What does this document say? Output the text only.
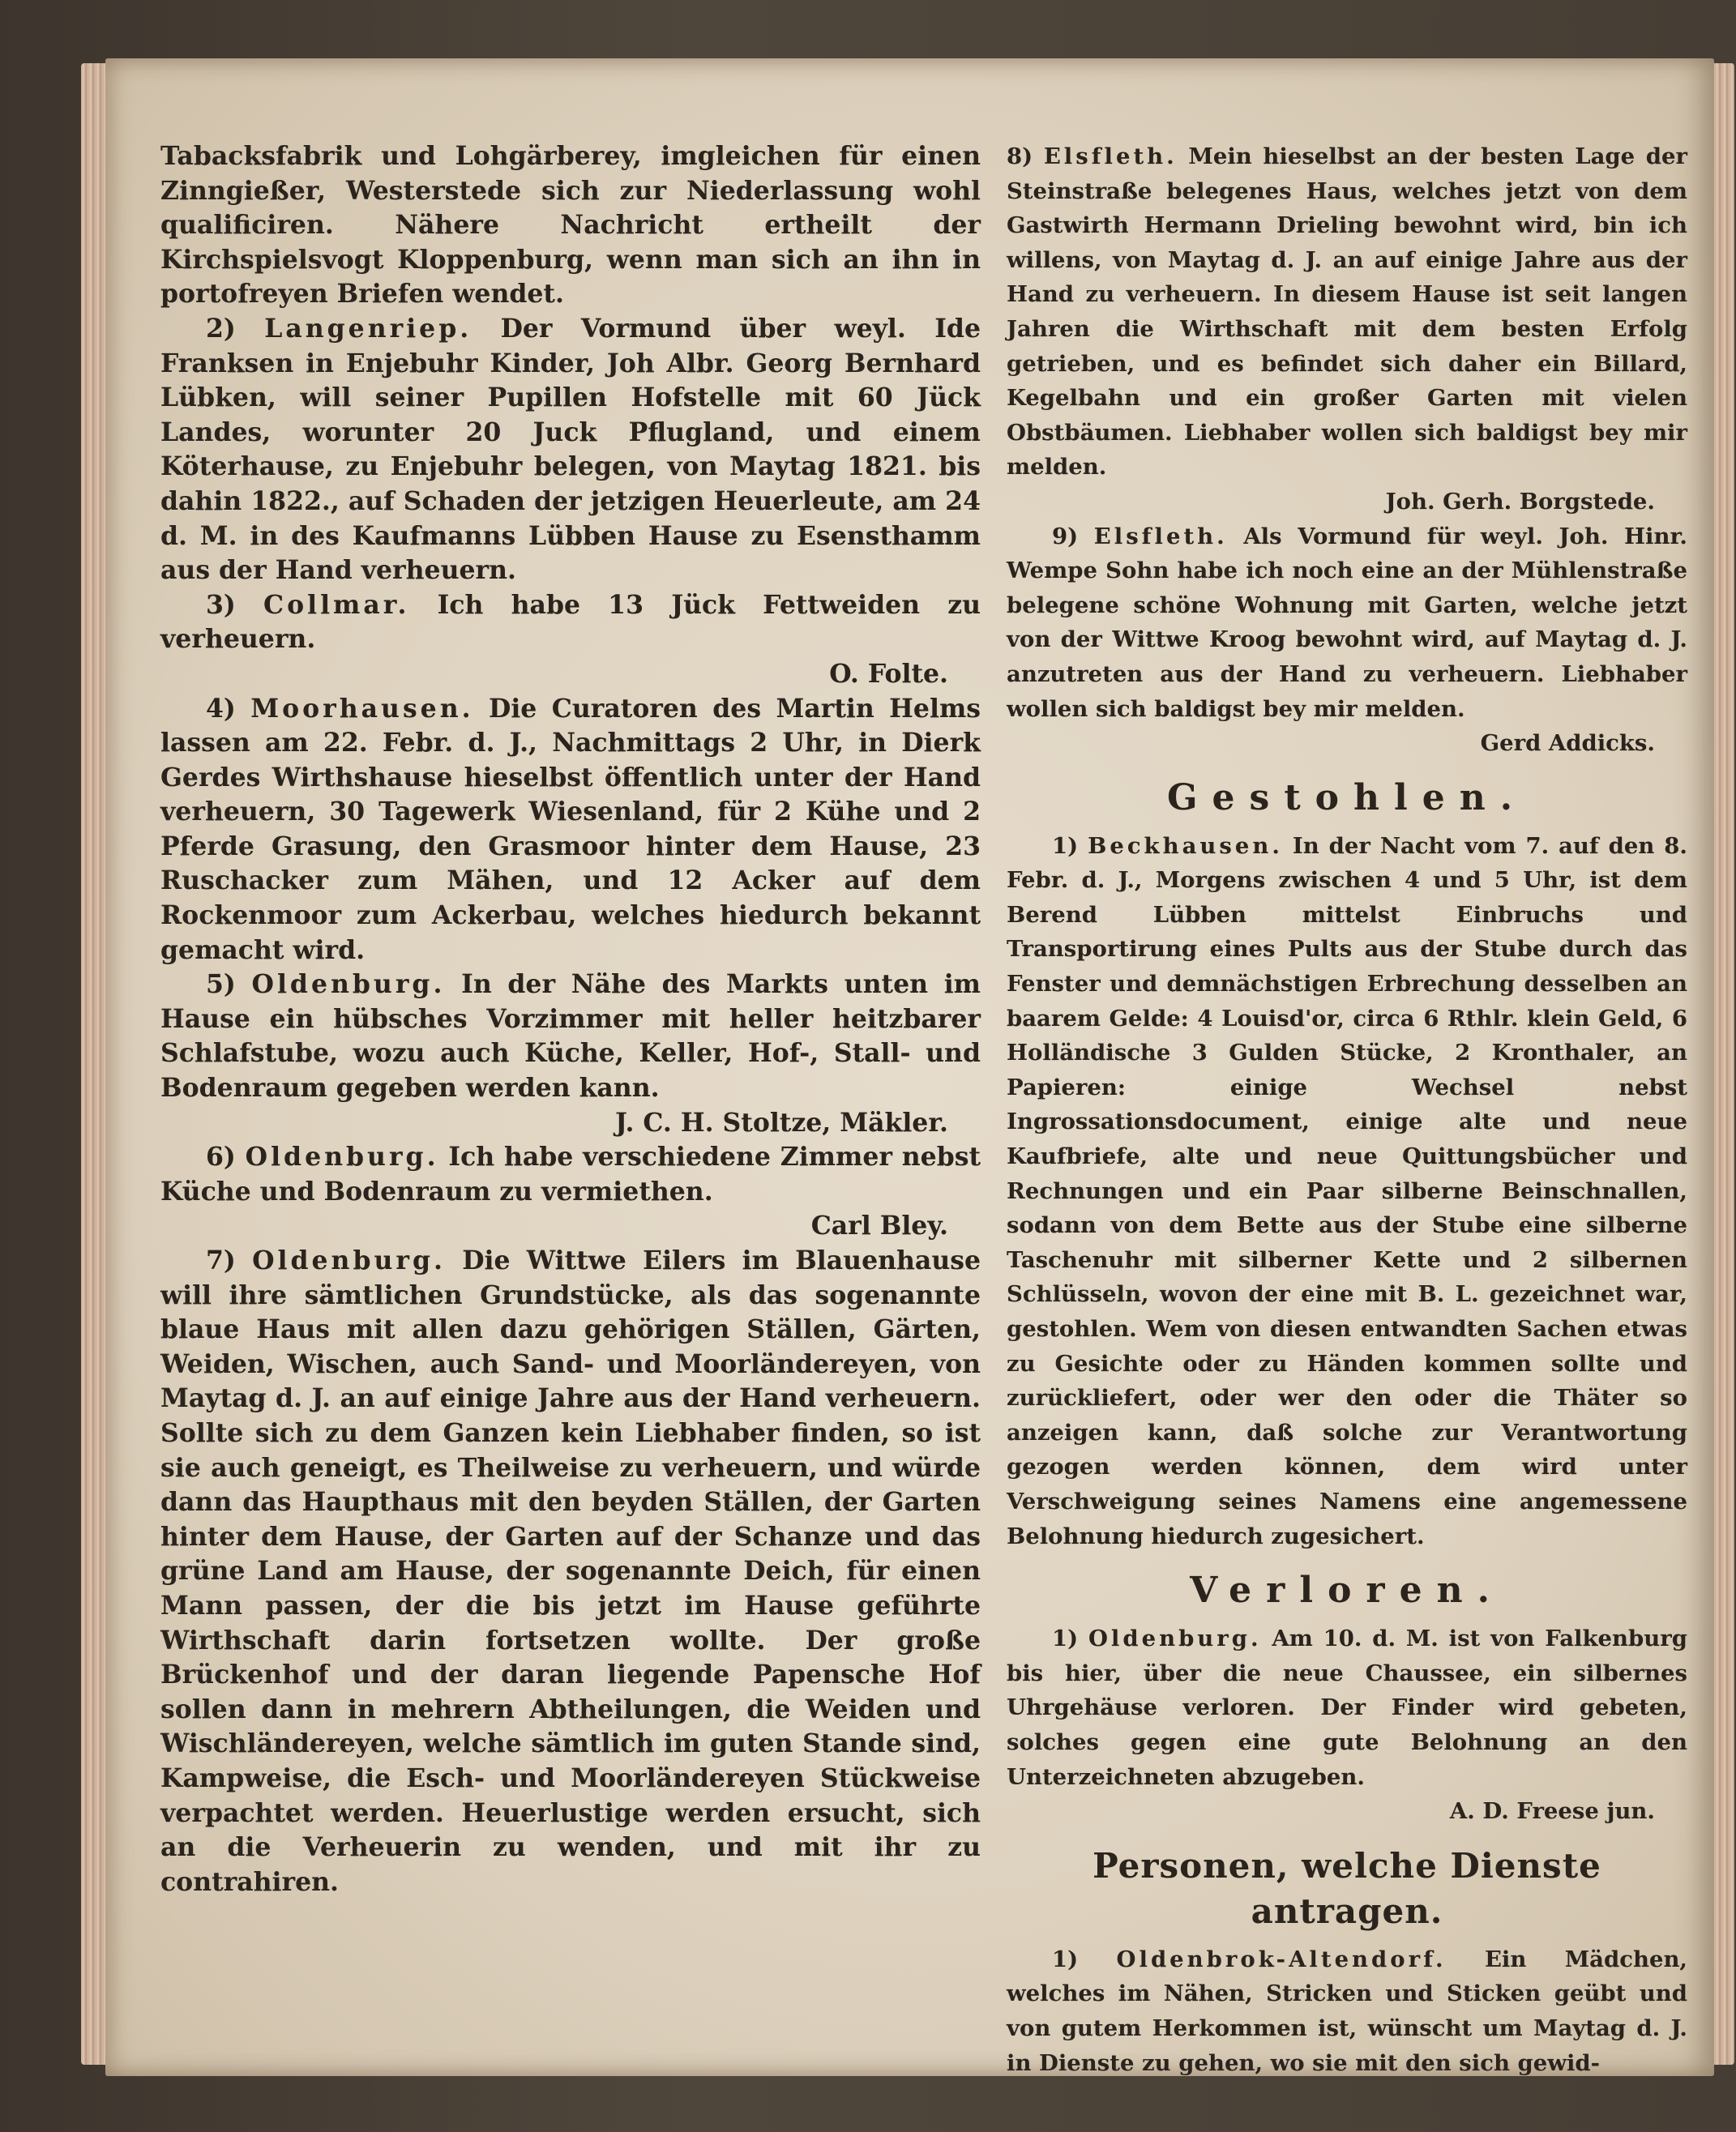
Tabacksfabrik und Lohgärberey, imgleichen für einen Zinngießer, Westerstede sich zur Niederlassung wohl qualificiren. Nähere Nachricht ertheilt der Kirchspielsvogt Kloppenburg, wenn man sich an ihn in portofreyen Briefen wendet.

2) Langenriep. Der Vormund über weyl. Ide Franksen in Enjebuhr Kinder, Joh Albr. Georg Bernhard Lübken, will seiner Pupillen Hofstelle mit 60 Jück Landes, worunter 20 Juck Pflugland, und einem Köterhause, zu Enjebuhr belegen, von Maytag 1821. bis dahin 1822., auf Schaden der jetzigen Heuerleute, am 24 d. M. in des Kaufmanns Lübben Hause zu Esensthamm aus der Hand verheuern.

3) Collmar. Ich habe 13 Jück Fettweiden zu verheuern.

O. Folte.

4) Moorhausen. Die Curatoren des Martin Helms lassen am 22. Febr. d. J., Nachmittags 2 Uhr, in Dierk Gerdes Wirthshause hieselbst öffentlich unter der Hand verheuern, 30 Tagewerk Wiesenland, für 2 Kühe und 2 Pferde Grasung, den Grasmoor hinter dem Hause, 23 Ruschacker zum Mähen, und 12 Acker auf dem Rockenmoor zum Ackerbau, welches hiedurch bekannt gemacht wird.

5) Oldenburg. In der Nähe des Markts unten im Hause ein hübsches Vorzimmer mit heller heitzbarer Schlafstube, wozu auch Küche, Keller, Hof-, Stall- und Bodenraum gegeben werden kann.

J. C. H. Stoltze, Mäkler.

6) Oldenburg. Ich habe verschiedene Zimmer nebst Küche und Bodenraum zu vermiethen.

Carl Bley.

7) Oldenburg. Die Wittwe Eilers im Blauenhause will ihre sämtlichen Grundstücke, als das sogenannte blaue Haus mit allen dazu gehörigen Ställen, Gärten, Weiden, Wischen, auch Sand- und Moorländereyen, von Maytag d. J. an auf einige Jahre aus der Hand verheuern. Sollte sich zu dem Ganzen kein Liebhaber finden, so ist sie auch geneigt, es Theilweise zu verheuern, und würde dann das Haupthaus mit den beyden Ställen, der Garten hinter dem Hause, der Garten auf der Schanze und das grüne Land am Hause, der sogenannte Deich, für einen Mann passen, der die bis jetzt im Hause geführte Wirthschaft darin fortsetzen wollte. Der große Brückenhof und der daran liegende Papensche Hof sollen dann in mehrern Abtheilungen, die Weiden und Wischländereyen, welche sämtlich im guten Stande sind, Kampweise, die Esch- und Moorländereyen Stückweise verpachtet werden. Heuerlustige werden ersucht, sich an die Verheuerin zu wenden, und mit ihr zu contrahiren.

8) Elsfleth. Mein hieselbst an der besten Lage der Steinstraße belegenes Haus, welches jetzt von dem Gastwirth Hermann Drieling bewohnt wird, bin ich willens, von Maytag d. J. an auf einige Jahre aus der Hand zu verheuern. In diesem Hause ist seit langen Jahren die Wirthschaft mit dem besten Erfolg getrieben, und es befindet sich daher ein Billard, Kegelbahn und ein großer Garten mit vielen Obstbäumen. Liebhaber wollen sich baldigst bey mir melden.

Joh. Gerh. Borgstede.

9) Elsfleth. Als Vormund für weyl. Joh. Hinr. Wempe Sohn habe ich noch eine an der Mühlenstraße belegene schöne Wohnung mit Garten, welche jetzt von der Wittwe Kroog bewohnt wird, auf Maytag d. J. anzutreten aus der Hand zu verheuern. Liebhaber wollen sich baldigst bey mir melden.

Gerd Addicks.

Gestohlen.

1) Beckhausen. In der Nacht vom 7. auf den 8. Febr. d. J., Morgens zwischen 4 und 5 Uhr, ist dem Berend Lübben mittelst Einbruchs und Transportirung eines Pults aus der Stube durch das Fenster und demnächstigen Erbrechung desselben an baarem Gelde: 4 Louisd'or, circa 6 Rthlr. klein Geld, 6 Holländische 3 Gulden Stücke, 2 Kronthaler, an Papieren: einige Wechsel nebst Ingrossationsdocument, einige alte und neue Kaufbriefe, alte und neue Quittungsbücher und Rechnungen und ein Paar silberne Beinschnallen, sodann von dem Bette aus der Stube eine silberne Taschenuhr mit silberner Kette und 2 silbernen Schlüsseln, wovon der eine mit B. L. gezeichnet war, gestohlen. Wem von diesen entwandten Sachen etwas zu Gesichte oder zu Händen kommen sollte und zurückliefert, oder wer den oder die Thäter so anzeigen kann, daß solche zur Verantwortung gezogen werden können, dem wird unter Verschweigung seines Namens eine angemessene Belohnung hiedurch zugesichert.

Verloren.

1) Oldenburg. Am 10. d. M. ist von Falkenburg bis hier, über die neue Chaussee, ein silbernes Uhrgehäuse verloren. Der Finder wird gebeten, solches gegen eine gute Belohnung an den Unterzeichneten abzugeben.

A. D. Freese jun.

Personen, welche Dienste antragen.

1) Oldenbrok-Altendorf. Ein Mädchen, welches im Nähen, Stricken und Sticken geübt und von gutem Herkommen ist, wünscht um Maytag d. J. in Dienste zu gehen, wo sie mit den sich gewid-
